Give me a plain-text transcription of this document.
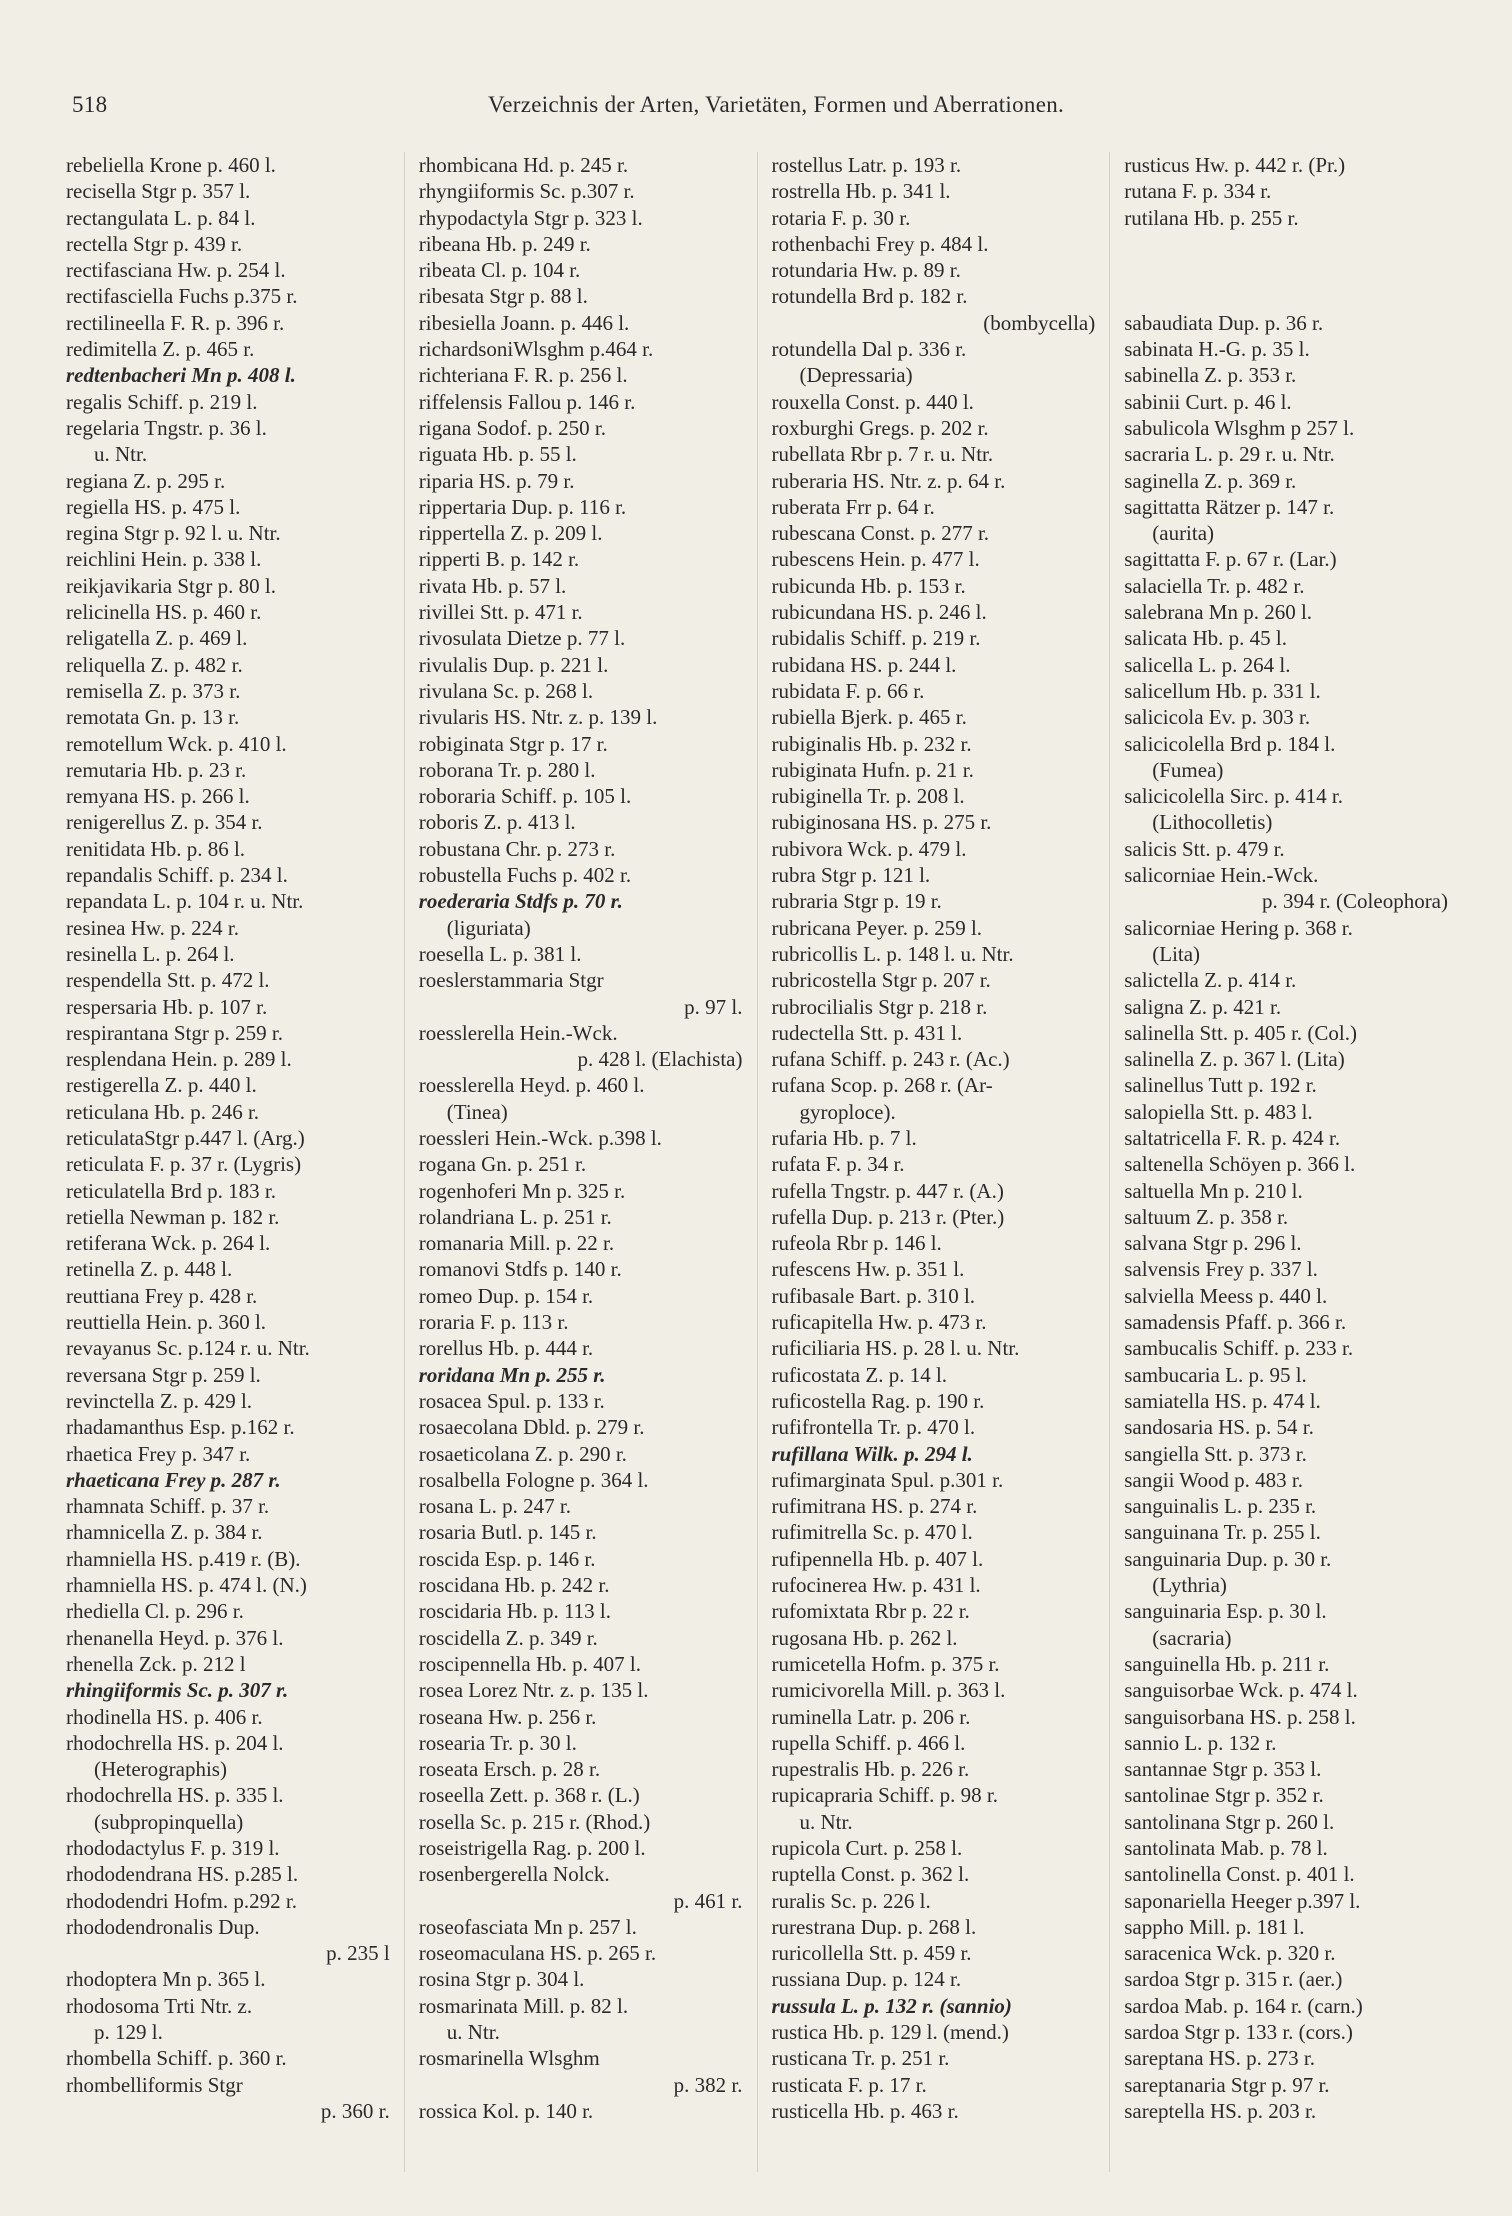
518	Verzeichnis der Arten, Varietäten, Formen und Aberrationen.
rebeliella Krone p. 460 l.
recisella Stgr p. 357 l.
rectangulata L. p. 84 l.
rectella Stgr p. 439 r.
rectifasciana Hw. p. 254 l.
rectifasciella Fuchs p.375 r.
rectilineella F. R. p. 396 r.
redimitella Z. p. 465 r.
redtenbacheri Mn p. 408 l.
regalis Schiff. p. 219 l.
regelaria Tngstr. p. 36 l.
u. Ntr.
regiana Z. p. 295 r.
regiella HS. p. 475 l.
regina Stgr p. 92 l. u. Ntr.
reichlini Hein. p. 338 l.
reikjavikaria Stgr p. 80 l.
relicinella HS. p. 460 r.
religatella Z. p. 469 l.
reliquella Z. p. 482 r.
remisella Z. p. 373 r.
remotata Gn. p. 13 r.
remotellum Wck. p. 410 l.
remutaria Hb. p. 23 r.
remyana HS. p. 266 l.
renigerellus Z. p. 354 r.
renitidata Hb. p. 86 l.
repandalis Schiff. p. 234 l.
repandata L. p. 104 r. u. Ntr.
resinea Hw. p. 224 r.
resinella L. p. 264 l.
respendella Stt. p. 472 l.
respersaria Hb. p. 107 r.
respirantana Stgr p. 259 r.
resplendana Hein. p. 289 l.
restigerella Z. p. 440 l.
reticulana Hb. p. 246 r.
reticulataStgr p.447 l. (Arg.)
reticulata F. p. 37 r. (Lygris)
reticulatella Brd p. 183 r.
retiella Newman p. 182 r.
retiferana Wck. p. 264 l.
retinella Z. p. 448 l.
reuttiana Frey p. 428 r.
reuttiella Hein. p. 360 l.
revayanus Sc. p.124 r. u. Ntr.
reversana Stgr p. 259 l.
revinctella Z. p. 429 l.
rhadamanthus Esp. p.162 r.
rhaetica Frey p. 347 r.
rhaeticana Frey p. 287 r.
rhamnata Schiff. p. 37 r.
rhamnicella Z. p. 384 r.
rhamniella HS. p.419 r. (B).
rhamniella HS. p. 474 l. (N.)
rhediella Cl. p. 296 r.
rhenanella Heyd. p. 376 l.
rhenella Zck. p. 212 l
rhingiiformis Sc. p. 307 r.
rhodinella HS. p. 406 r.
rhodochrella HS. p. 204 l.
(Heterographis)
rhodochrella HS. p. 335 l.
(subpropinquella)
rhododactylus F. p. 319 l.
rhododendrana HS. p.285 l.
rhododendri Hofm. p.292 r.
rhododendronalis Dup.
p. 235 l
rhodoptera Mn p. 365 l.
rhodosoma Trti Ntr. z.
p. 129 l.
rhombella Schiff. p. 360 r.
rhombelliformis Stgr
p. 360 r.
rhombicana Hd. p. 245 r.
rhyngiiformis Sc. p.307 r.
rhypodactyla Stgr p. 323 l.
ribeana Hb. p. 249 r.
ribeata Cl. p. 104 r.
ribesata Stgr p. 88 l.
ribesiella Joann. p. 446 l.
richardsoniWlsghm p.464 r.
richteriana F. R. p. 256 l.
riffelensis Fallou p. 146 r.
rigana Sodof. p. 250 r.
riguata Hb. p. 55 l.
riparia HS. p. 79 r.
rippertaria Dup. p. 116 r.
rippertella Z. p. 209 l.
ripperti B. p. 142 r.
rivata Hb. p. 57 l.
rivillei Stt. p. 471 r.
rivosulata Dietze p. 77 l.
rivulalis Dup. p. 221 l.
rivulana Sc. p. 268 l.
rivularis HS. Ntr. z. p. 139 l.
robiginata Stgr p. 17 r.
roborana Tr. p. 280 l.
roboraria Schiff. p. 105 l.
roboris Z. p. 413 l.
robustana Chr. p. 273 r.
robustella Fuchs p. 402 r.
roederaria Stdfs p. 70 r.
(liguriata)
roesella L. p. 381 l.
roeslerstammaria Stgr
p. 97 l.
roesslerella Hein.-Wck.
p. 428 l. (Elachista)
roesslerella Heyd. p. 460 l.
(Tinea)
roessleri Hein.-Wck. p.398 l.
rogana Gn. p. 251 r.
rogenhoferi Mn p. 325 r.
rolandriana L. p. 251 r.
romanaria Mill. p. 22 r.
romanovi Stdfs p. 140 r.
romeo Dup. p. 154 r.
roraria F. p. 113 r.
rorellus Hb. p. 444 r.
roridana Mn p. 255 r.
rosacea Spul. p. 133 r.
rosaecolana Dbld. p. 279 r.
rosaeticolana Z. p. 290 r.
rosalbella Fologne p. 364 l.
rosana L. p. 247 r.
rosaria Butl. p. 145 r.
roscida Esp. p. 146 r.
roscidana Hb. p. 242 r.
roscidaria Hb. p. 113 l.
roscidella Z. p. 349 r.
roscipennella Hb. p. 407 l.
rosea Lorez Ntr. z. p. 135 l.
roseana Hw. p. 256 r.
rosearia Tr. p. 30 l.
roseata Ersch. p. 28 r.
roseella Zett. p. 368 r. (L.)
rosella Sc. p. 215 r. (Rhod.)
roseistrigella Rag. p. 200 l.
rosenbergerella Nolck.
p. 461 r.
roseofasciata Mn p. 257 l.
roseomaculana HS. p. 265 r.
rosina Stgr p. 304 l.
rosmarinata Mill. p. 82 l.
u. Ntr.
rosmarinella Wlsghm
p. 382 r.
rossica Kol. p. 140 r.
rostellus Latr. p. 193 r.
rostrella Hb. p. 341 l.
rotaria F. p. 30 r.
rothenbachi Frey p. 484 l.
rotundaria Hw. p. 89 r.
rotundella Brd p. 182 r.
(bombycella)
rotundella Dal p. 336 r.
(Depressaria)
rouxella Const. p. 440 l.
roxburghi Gregs. p. 202 r.
rubellata Rbr p. 7 r. u. Ntr.
ruberaria HS. Ntr. z. p. 64 r.
ruberata Frr p. 64 r.
rubescana Const. p. 277 r.
rubescens Hein. p. 477 l.
rubicunda Hb. p. 153 r.
rubicundana HS. p. 246 l.
rubidalis Schiff. p. 219 r.
rubidana HS. p. 244 l.
rubidata F. p. 66 r.
rubiella Bjerk. p. 465 r.
rubiginalis Hb. p. 232 r.
rubiginata Hufn. p. 21 r.
rubiginella Tr. p. 208 l.
rubiginosana HS. p. 275 r.
rubivora Wck. p. 479 l.
rubra Stgr p. 121 l.
rubraria Stgr p. 19 r.
rubricana Peyer. p. 259 l.
rubricollis L. p. 148 l. u. Ntr.
rubricostella Stgr p. 207 r.
rubrocilialis Stgr p. 218 r.
rudectella Stt. p. 431 l.
rufana Schiff. p. 243 r. (Ac.)
rufana Scop. p. 268 r. (Ar-
gyroploce).
rufaria Hb. p. 7 l.
rufata F. p. 34 r.
rufella Tngstr. p. 447 r. (A.)
rufella Dup. p. 213 r. (Pter.)
rufeola Rbr p. 146 l.
rufescens Hw. p. 351 l.
rufibasale Bart. p. 310 l.
ruficapitella Hw. p. 473 r.
ruficiliaria HS. p. 28 l. u. Ntr.
ruficostata Z. p. 14 l.
ruficostella Rag. p. 190 r.
rufifrontella Tr. p. 470 l.
rufillana Wilk. p. 294 l.
rufimarginata Spul. p.301 r.
rufimitrana HS. p. 274 r.
rufimitrella Sc. p. 470 l.
rufipennella Hb. p. 407 l.
rufocinerea Hw. p. 431 l.
rufomixtata Rbr p. 22 r.
rugosana Hb. p. 262 l.
rumicetella Hofm. p. 375 r.
rumicivorella Mill. p. 363 l.
ruminella Latr. p. 206 r.
rupella Schiff. p. 466 l.
rupestralis Hb. p. 226 r.
rupicapraria Schiff. p. 98 r.
u. Ntr.
rupicola Curt. p. 258 l.
ruptella Const. p. 362 l.
ruralis Sc. p. 226 l.
rurestrana Dup. p. 268 l.
ruricollella Stt. p. 459 r.
russiana Dup. p. 124 r.
russula L. p. 132 r. (sannio)
rustica Hb. p. 129 l. (mend.)
rusticana Tr. p. 251 r.
rusticata F. p. 17 r.
rusticella Hb. p. 463 r.
rusticus Hw. p. 442 r. (Pr.)
rutana F. p. 334 r.
rutilana Hb. p. 255 r.

sabaudiata Dup. p. 36 r.
sabinata H.-G. p. 35 l.
sabinella Z. p. 353 r.
sabinii Curt. p. 46 l.
sabulicola Wlsghm p 257 l.
sacraria L. p. 29 r. u. Ntr.
saginella Z. p. 369 r.
sagittatta Rätzer p. 147 r.
(aurita)
sagittatta F. p. 67 r. (Lar.)
salaciella Tr. p. 482 r.
salebrana Mn p. 260 l.
salicata Hb. p. 45 l.
salicella L. p. 264 l.
salicellum Hb. p. 331 l.
salicicola Ev. p. 303 r.
salicicolella Brd p. 184 l.
(Fumea)
salicicolella Sirc. p. 414 r.
(Lithocolletis)
salicis Stt. p. 479 r.
salicorniae Hein.-Wck.
p. 394 r. (Coleophora)
salicorniae Hering p. 368 r.
(Lita)
salictella Z. p. 414 r.
saligna Z. p. 421 r.
salinella Stt. p. 405 r. (Col.)
salinella Z. p. 367 l. (Lita)
salinellus Tutt p. 192 r.
salopiella Stt. p. 483 l.
saltatricella F. R. p. 424 r.
saltenella Schöyen p. 366 l.
saltuella Mn p. 210 l.
saltuum Z. p. 358 r.
salvana Stgr p. 296 l.
salvensis Frey p. 337 l.
salviella Meess p. 440 l.
samadensis Pfaff. p. 366 r.
sambucalis Schiff. p. 233 r.
sambucaria L. p. 95 l.
samiatella HS. p. 474 l.
sandosaria HS. p. 54 r.
sangiella Stt. p. 373 r.
sangii Wood p. 483 r.
sanguinalis L. p. 235 r.
sanguinana Tr. p. 255 l.
sanguinaria Dup. p. 30 r.
(Lythria)
sanguinaria Esp. p. 30 l.
(sacraria)
sanguinella Hb. p. 211 r.
sanguisorbae Wck. p. 474 l.
sanguisorbana HS. p. 258 l.
sannio L. p. 132 r.
santannae Stgr p. 353 l.
santolinae Stgr p. 352 r.
santolinana Stgr p. 260 l.
santolinata Mab. p. 78 l.
santolinella Const. p. 401 l.
saponariella Heeger p.397 l.
sappho Mill. p. 181 l.
saracenica Wck. p. 320 r.
sardoa Stgr p. 315 r. (aer.)
sardoa Mab. p. 164 r. (carn.)
sardoa Stgr p. 133 r. (cors.)
sareptana HS. p. 273 r.
sareptanaria Stgr p. 97 r.
sareptella HS. p. 203 r.
